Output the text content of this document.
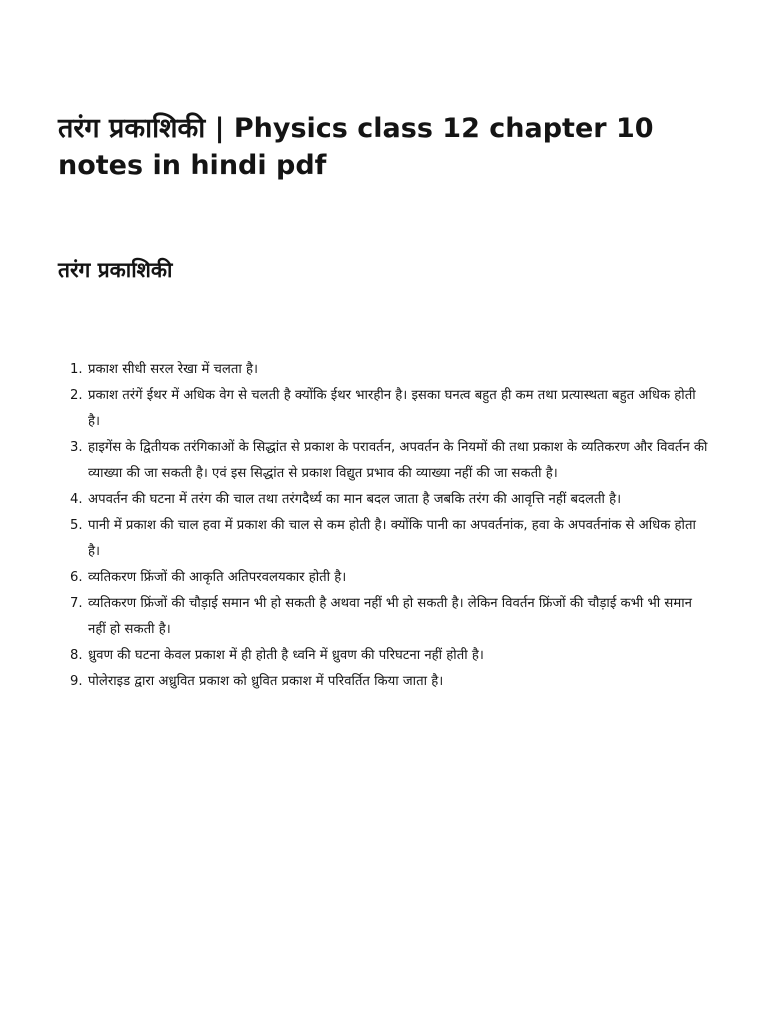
तरंग प्रकाशिकी | Physics class 12 chapter 10 notes in hindi pdf
तरंग प्रकाशिकी
1. प्रकाश सीधी सरल रेखा में चलता है।
2. प्रकाश तरंगें ईथर में अधिक वेग से चलती है क्योंकि ईथर भारहीन है। इसका घनत्व बहुत ही कम तथा प्रत्यास्थता बहुत अधिक होती है।
3. हाइगेंस के द्वितीयक तरंगिकाओं के सिद्धांत से प्रकाश के परावर्तन, अपवर्तन के नियमों की तथा प्रकाश के व्यतिकरण और विवर्तन की व्याख्या की जा सकती है। एवं इस सिद्धांत से प्रकाश विद्युत प्रभाव की व्याख्या नहीं की जा सकती है।
4. अपवर्तन की घटना में तरंग की चाल तथा तरंगदैर्ध्य का मान बदल जाता है जबकि तरंग की आवृत्ति नहीं बदलती है।
5. पानी में प्रकाश की चाल हवा में प्रकाश की चाल से कम होती है। क्योंकि पानी का अपवर्तनांक, हवा के अपवर्तनांक से अधिक होता है।
6. व्यतिकरण फ्रिंजों की आकृति अतिपरवलयकार होती है।
7. व्यतिकरण फ्रिंजों की चौड़ाई समान भी हो सकती है अथवा नहीं भी हो सकती है। लेकिन विवर्तन फ्रिंजों की चौड़ाई कभी भी समान नहीं हो सकती है।
8. ध्रुवण की घटना केवल प्रकाश में ही होती है ध्वनि में ध्रुवण की परिघटना नहीं होती है।
9. पोलेराइड द्वारा अध्रुवित प्रकाश को ध्रुवित प्रकाश में परिवर्तित किया जाता है।
